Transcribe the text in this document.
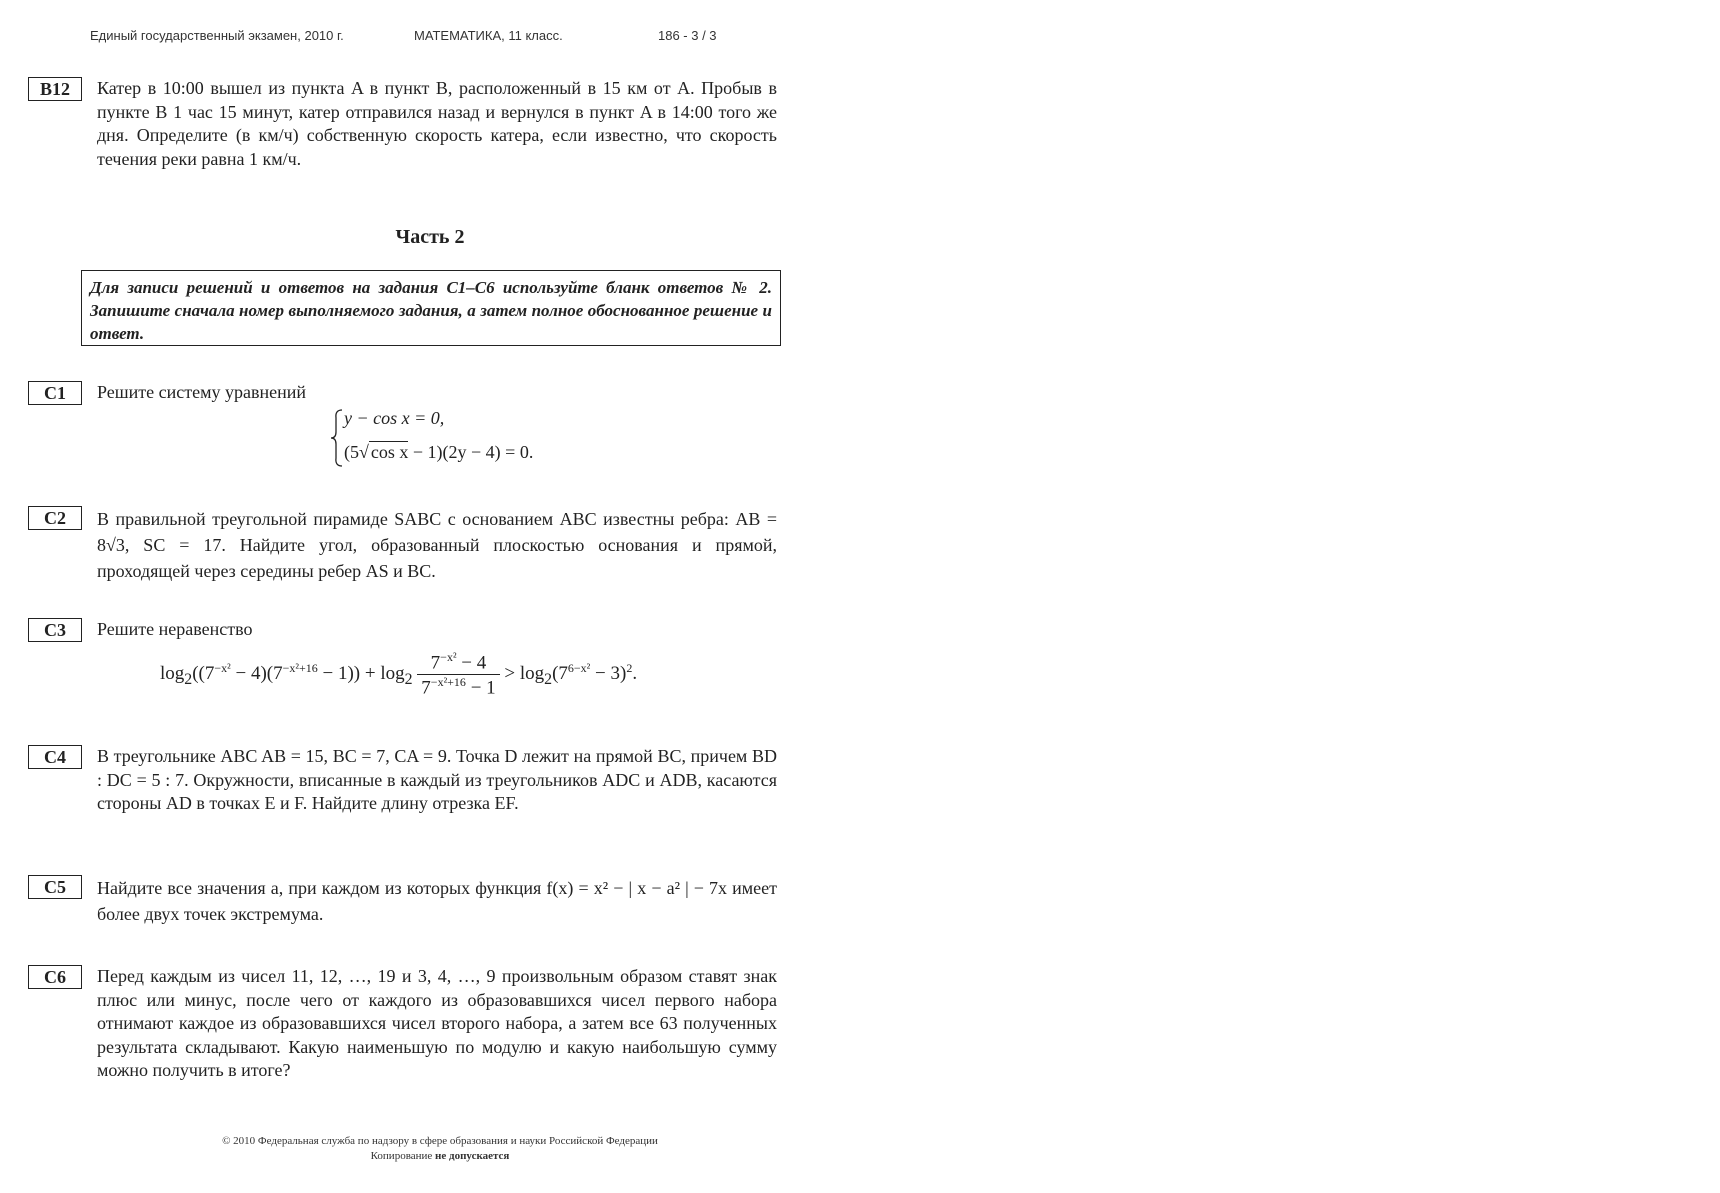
Единый государственный экзамен, 2010 г.	МАТЕМАТИКА, 11 класс.	186 - 3 / 3
B12	Катер в 10:00 вышел из пункта A в пункт B, расположенный в 15 км от A. Пробыв в пункте B 1 час 15 минут, катер отправился назад и вернулся в пункт A в 14:00 того же дня. Определите (в км/ч) собственную скорость катера, если известно, что скорость течения реки равна 1 км/ч.

Часть 2
Для записи решений и ответов на задания C1–C6 используйте бланк ответов № 2. Запишите сначала номер выполняемого задания, а затем полное обоснованное решение и ответ.
C1	Решите систему уравнений
y − cos x = 0,
(5√ cos x − 1)(2y − 4) = 0.
C2	В правильной треугольной пирамиде SABC с основанием ABC известны ребра: AB = 8√3, SC = 17. Найдите угол, образованный плоскостью основания и прямой, проходящей через середины ребер AS и BC.

C3	Решите неравенство
$\log_2((7^{-x^2} - 4)(7^{-x^2+16} - 1)) + \log_2 \frac{7^{-x^2} - 4}{7^{-x^2+16} - 1} > \log_2(7^{6-x^2} - 3)^2$.
C4	В треугольнике ABC AB = 15, BC = 7, CA = 9. Точка D лежит на прямой BC, причем BD : DC = 5 : 7. Окружности, вписанные в каждый из треугольников ADC и ADB, касаются стороны AD в точках E и F. Найдите длину отрезка EF.

C5	Найдите все значения a, при каждом из которых функция f(x) = x² − | x − a² | − 7x имеет более двух точек экстремума.

C6	Перед каждым из чисел 11, 12, …, 19 и 3, 4, …, 9 произвольным образом ставят знак плюс или минус, после чего от каждого из образовавшихся чисел первого набора отнимают каждое из образовавшихся чисел второго набора, а затем все 63 полученных результата складывают. Какую наименьшую по модулю и какую наибольшую сумму можно получить в итоге?

© 2010 Федеральная служба по надзору в сфере образования и науки Российской Федерации
Копирование не допускается
